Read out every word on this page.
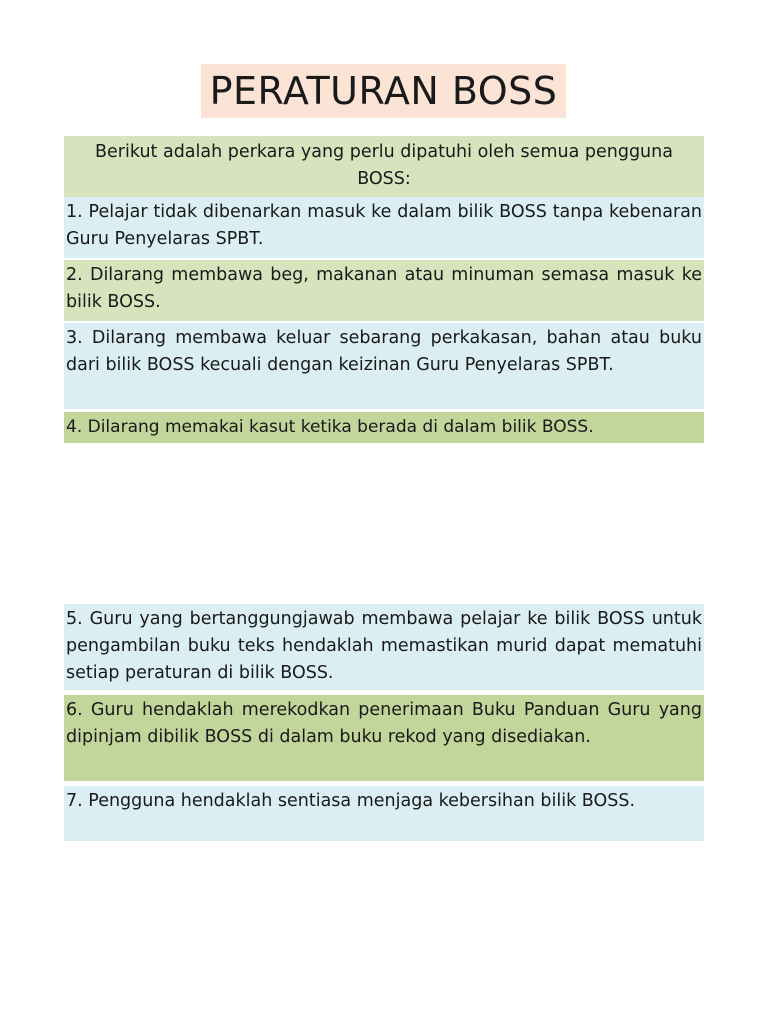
PERATURAN BOSS
Berikut adalah perkara yang perlu dipatuhi oleh semua pengguna BOSS:
1. Pelajar tidak dibenarkan masuk ke dalam bilik BOSS tanpa kebenaran Guru Penyelaras SPBT.
2. Dilarang membawa beg, makanan atau minuman semasa masuk ke bilik BOSS.
3. Dilarang membawa keluar sebarang perkakasan, bahan atau buku dari bilik BOSS kecuali dengan keizinan Guru Penyelaras SPBT.
4. Dilarang memakai kasut ketika berada di dalam bilik BOSS.
5. Guru yang bertanggungjawab membawa pelajar ke bilik BOSS untuk pengambilan buku teks hendaklah memastikan murid dapat mematuhi setiap peraturan di bilik BOSS.
6. Guru hendaklah merekodkan penerimaan Buku Panduan Guru yang dipinjam dibilik BOSS di dalam buku rekod yang disediakan.
7. Pengguna hendaklah sentiasa menjaga kebersihan bilik BOSS.
